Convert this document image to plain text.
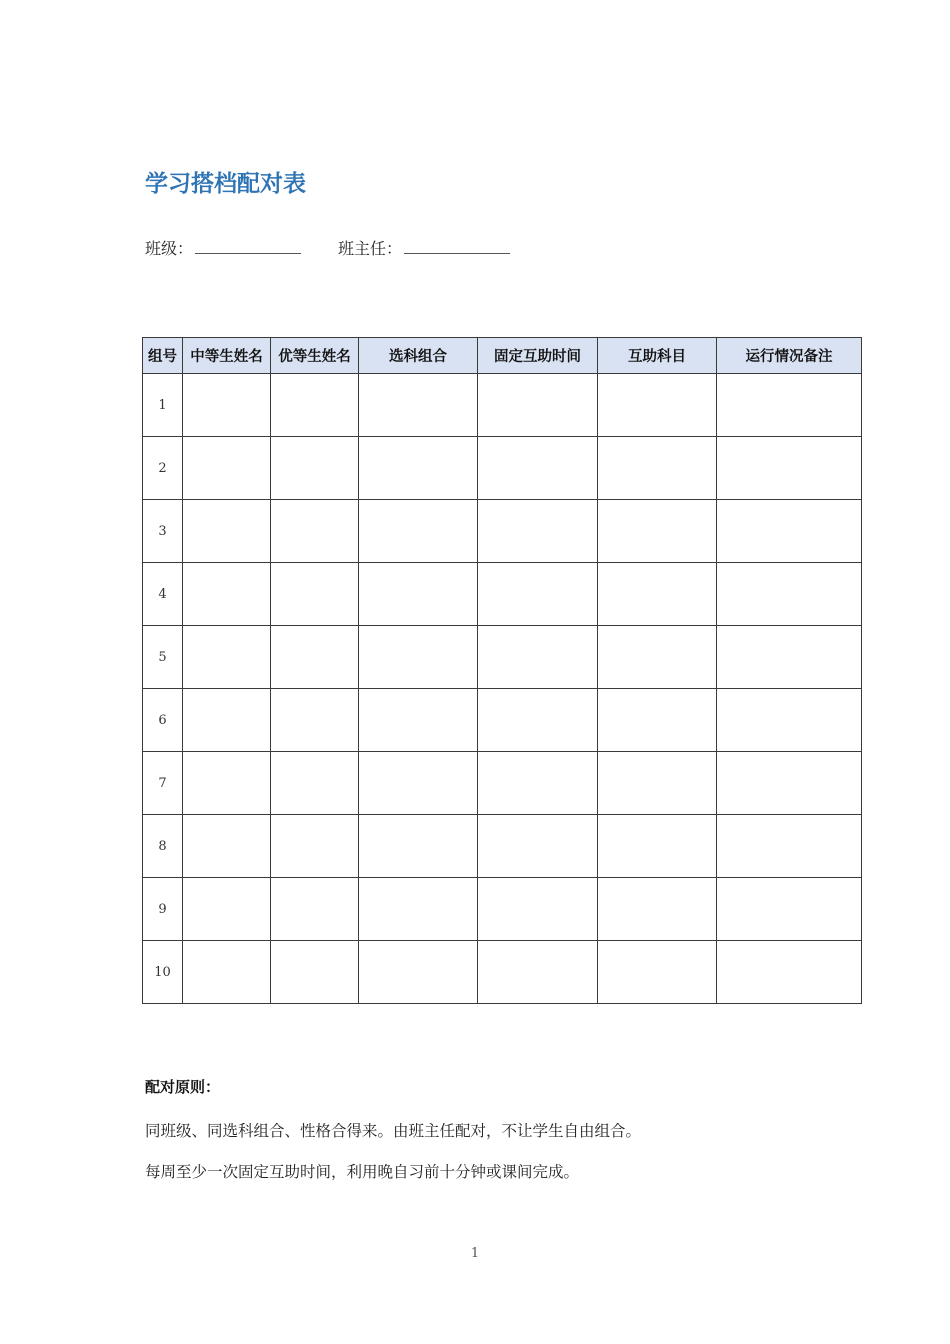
学习搭档配对表
班级：	班主任：
组号	中等生姓名	优等生姓名	选科组合	固定互助时间	互助科目	运行情况备注
1						
2						
3						
4						
5						
6						
7						
8						
9						
10						
配对原则：

同班级、同选科组合、性格合得来。由班主任配对，不让学生自由组合。

每周至少一次固定互助时间，利用晚自习前十分钟或课间完成。

1
